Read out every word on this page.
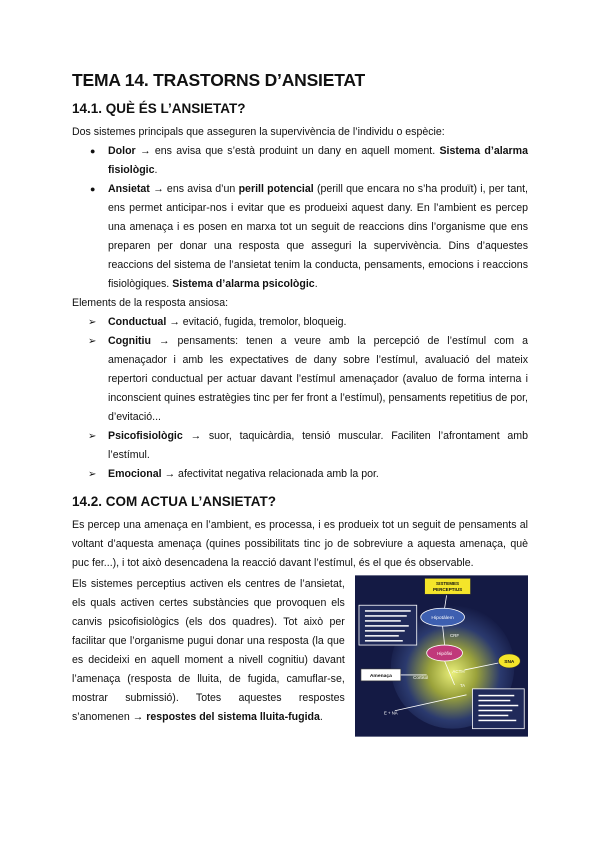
TEMA 14. TRASTORNS D’ANSIETAT
14.1. QUÈ ÉS L’ANSIETAT?

Dos sistemes principals que asseguren la supervivència de l’individu o espècie:

● Dolor → ens avisa que s’està produint un dany en aquell moment. Sistema d’alarma fisiològic.
● Ansietat → ens avisa d’un perill potencial (perill que encara no s’ha produït) i, per tant, ens permet anticipar-nos i evitar que es produeixi aquest dany. En l’ambient es percep una amenaça i es posen en marxa tot un seguit de reaccions dins l’organisme que ens preparen per donar una resposta que asseguri la supervivència. Dins d’aquestes reaccions del sistema de l’ansietat tenim la conducta, pensaments, emocions i reaccions fisiològiques. Sistema d’alarma psicològic.

Elements de la resposta ansiosa:

➢ Conductual → evitació, fugida, tremolor, bloqueig.
➢ Cognitiu → pensaments: tenen a veure amb la percepció de l’estímul com a amenaçador i amb les expectatives de dany sobre l’estímul, avaluació del mateix repertori conductual per actuar davant l’estímul amenaçador (avaluo de forma interna i inconscient quines estratègies tinc per fer front a l’estímul), pensaments repetitius de por, d’evitació...
➢ Psicofisiològic → suor, taquicàrdia, tensió muscular. Faciliten l’afrontament amb l’estímul.
➢ Emocional → afectivitat negativa relacionada amb la por.
14.2. COM ACTUA L’ANSIETAT?

Es percep una amenaça en l’ambient, es processa, i es produeix tot un seguit de pensaments al voltant d’aquesta amenaça (quines possibilitats tinc jo de sobreviure a aquesta amenaça, què puc fer...), i tot això desencadena la reacció davant l’estímul, és el que és observable.

Els sistemes perceptius activen els centres de l’ansietat, els quals activen certes substàncies que provoquen els canvis psicofisiològics (els dos quadres). Tot això per facilitar que l’organisme pugui donar una resposta (la que es decideixi en aquell moment a nivell cognitiu) davant l’amenaça (resposta de lluita, de fugida, camuflar-se, mostrar submissió). Totes aquestes respostes s’anomenen → respostes del sistema lluita-fugida.

SISTEMES
PERCEPTIUS
Hipotàlem
CRF
Hipòfisi
ACTH
Amenaça	Cortisol
TA
SNA
E + NA
